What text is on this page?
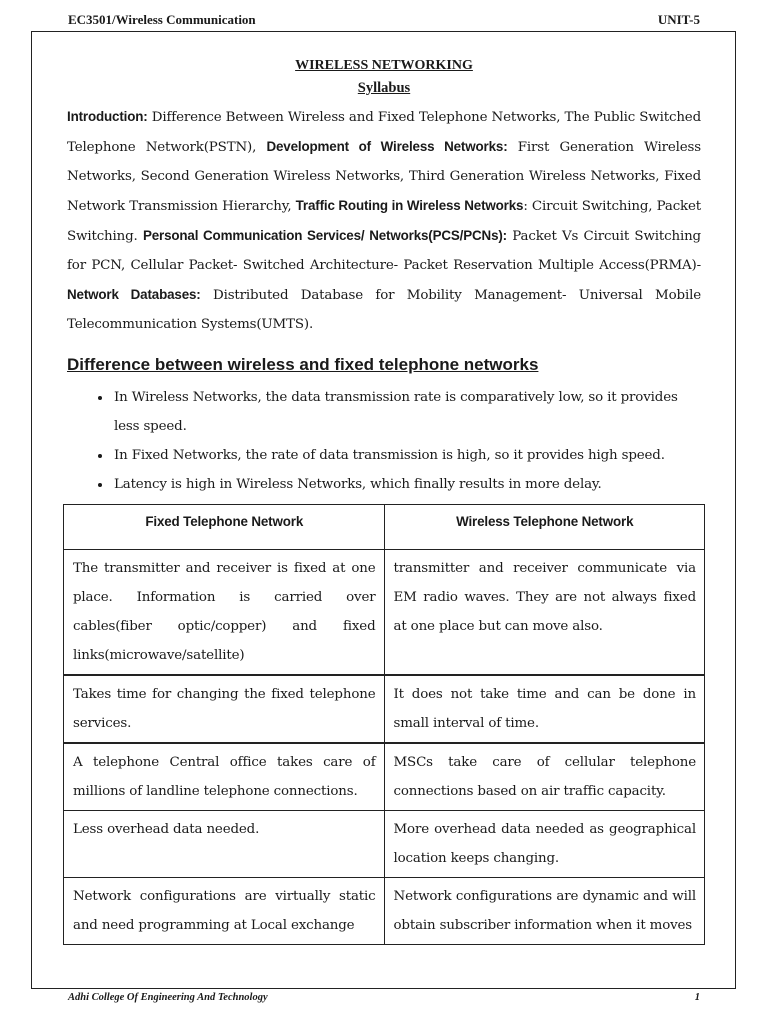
EC3501/Wireless Communication	UNIT-5

WIRELESS NETWORKING

Syllabus

Introduction: Difference Between Wireless and Fixed Telephone Networks, The Public Switched Telephone Network(PSTN), Development of Wireless Networks: First Generation Wireless Networks, Second Generation Wireless Networks, Third Generation Wireless Networks, Fixed Network Transmission Hierarchy, Traffic Routing in Wireless Networks: Circuit Switching, Packet Switching. Personal Communication Services/ Networks(PCS/PCNs): Packet Vs Circuit Switching for PCN, Cellular Packet- Switched Architecture- Packet Reservation Multiple Access(PRMA)- Network Databases: Distributed Database for Mobility Management- Universal Mobile Telecommunication Systems(UMTS).

Difference between wireless and fixed telephone networks
• In Wireless Networks, the data transmission rate is comparatively low, so it provides less speed.
• In Fixed Networks, the rate of data transmission is high, so it provides high speed.
• Latency is high in Wireless Networks, which finally results in more delay.
Fixed Telephone Network	Wireless Telephone Network
The transmitter and receiver is fixed at one place. Information is carried over cables(fiber optic/copper) and fixed links(microwave/satellite)	transmitter and receiver communicate via EM radio waves. They are not always fixed at one place but can move also.
Takes time for changing the fixed telephone services.	It does not take time and can be done in small interval of time.
A telephone Central office takes care of millions of landline telephone connections.	MSCs take care of cellular telephone connections based on air traffic capacity.
Less overhead data needed.	More overhead data needed as geographical location keeps changing.
Network configurations are virtually static and need programming at Local exchange	Network configurations are dynamic and will obtain subscriber information when it moves
Adhi College Of Engineering And Technology	1
